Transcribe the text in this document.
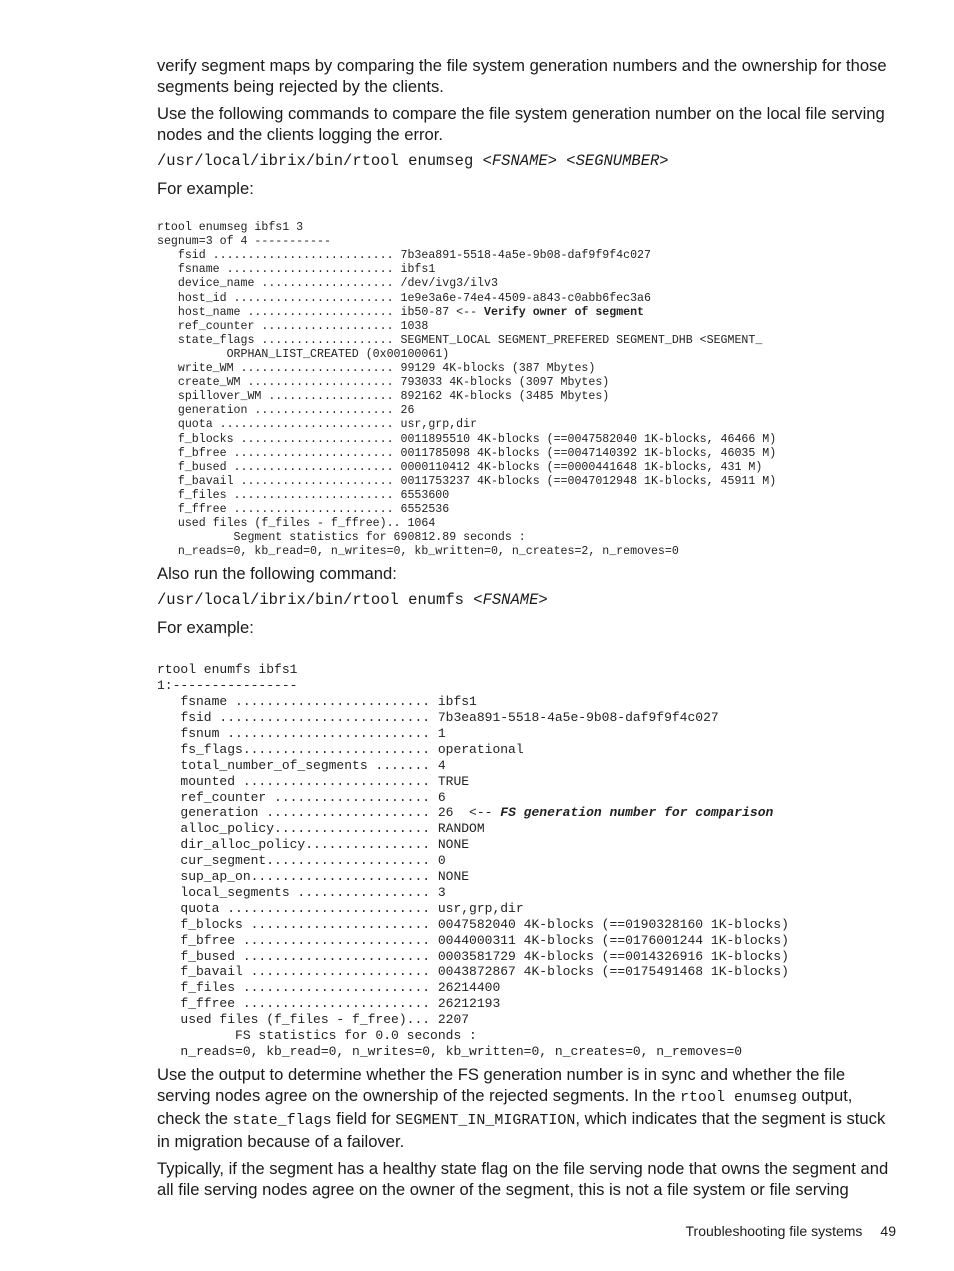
verify segment maps by comparing the file system generation numbers and the ownership for those segments being rejected by the clients.

Use the following commands to compare the file system generation number on the local file serving nodes and the clients logging the error.

/usr/local/ibrix/bin/rtool enumseg <FSNAME> <SEGNUMBER>

For example:

rtool enumseg ibfs1 3
segnum=3 of 4 -----------
fsid .......................... 7b3ea891-5518-4a5e-9b08-daf9f9f4c027
fsname ........................ ibfs1
device_name ................... /dev/ivg3/ilv3
host_id ....................... 1e9e3a6e-74e4-4509-a843-c0abb6fec3a6
host_name ..................... ib50-87 <-- Verify owner of segment
ref_counter ................... 1038
state_flags ................... SEGMENT_LOCAL SEGMENT_PREFERED SEGMENT_DHB <SEGMENT_
ORPHAN_LIST_CREATED (0x00100061)
write_WM ...................... 99129 4K-blocks (387 Mbytes)
create_WM ..................... 793033 4K-blocks (3097 Mbytes)
spillover_WM .................. 892162 4K-blocks (3485 Mbytes)
generation .................... 26
quota ......................... usr,grp,dir
f_blocks ...................... 0011895510 4K-blocks (==0047582040 1K-blocks, 46466 M)
f_bfree ....................... 0011785098 4K-blocks (==0047140392 1K-blocks, 46035 M)
f_bused ....................... 0000110412 4K-blocks (==0000441648 1K-blocks, 431 M)
f_bavail ...................... 0011753237 4K-blocks (==0047012948 1K-blocks, 45911 M)
f_files ....................... 6553600
f_ffree ....................... 6552536
used files (f_files - f_ffree).. 1064
Segment statistics for 690812.89 seconds :
n_reads=0, kb_read=0, n_writes=0, kb_written=0, n_creates=2, n_removes=0

Also run the following command:

/usr/local/ibrix/bin/rtool enumfs <FSNAME>

For example:

rtool enumfs ibfs1
1:----------------
fsname ......................... ibfs1
fsid ........................... 7b3ea891-5518-4a5e-9b08-daf9f9f4c027
fsnum .......................... 1
fs_flags........................ operational
total_number_of_segments ....... 4
mounted ........................ TRUE
ref_counter .................... 6
generation ..................... 26  <-- FS generation number for comparison
alloc_policy.................... RANDOM
dir_alloc_policy................ NONE
cur_segment..................... 0
sup_ap_on....................... NONE
local_segments ................. 3
quota .......................... usr,grp,dir
f_blocks ....................... 0047582040 4K-blocks (==0190328160 1K-blocks)
f_bfree ........................ 0044000311 4K-blocks (==0176001244 1K-blocks)
f_bused ........................ 0003581729 4K-blocks (==0014326916 1K-blocks)
f_bavail ....................... 0043872867 4K-blocks (==0175491468 1K-blocks)
f_files ........................ 26214400
f_ffree ........................ 26212193
used files (f_files - f_free)... 2207
FS statistics for 0.0 seconds :
n_reads=0, kb_read=0, n_writes=0, kb_written=0, n_creates=0, n_removes=0

Use the output to determine whether the FS generation number is in sync and whether the file serving nodes agree on the ownership of the rejected segments. In the rtool enumseg output, check the state_flags field for SEGMENT_IN_MIGRATION, which indicates that the segment is stuck in migration because of a failover.

Typically, if the segment has a healthy state flag on the file serving node that owns the segment and all file serving nodes agree on the owner of the segment, this is not a file system or file serving

Troubleshooting file systems 49
